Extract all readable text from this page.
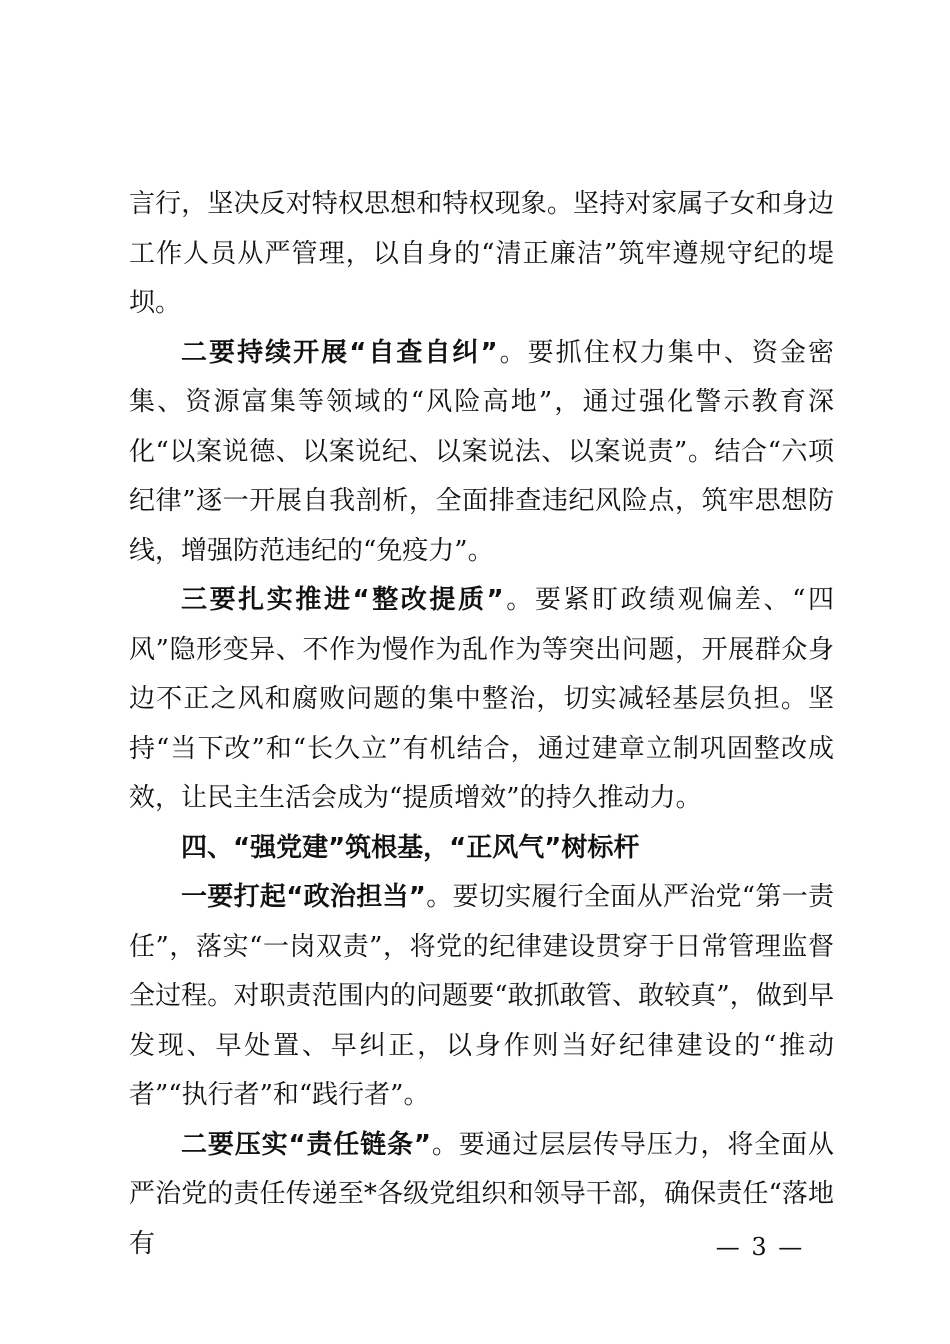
言行，坚决反对特权思想和特权现象。坚持对家属子女和身边工作人员从严管理，以自身的“清正廉洁”筑牢遵规守纪的堤坝。

二要持续开展“自查自纠”。要抓住权力集中、资金密集、资源富集等领域的“风险高地”，通过强化警示教育深化“以案说德、以案说纪、以案说法、以案说责”。结合“六项纪律”逐一开展自我剖析，全面排查违纪风险点，筑牢思想防线，增强防范违纪的“免疫力”。

三要扎实推进“整改提质”。要紧盯政绩观偏差、“四风”隐形变异、不作为慢作为乱作为等突出问题，开展群众身边不正之风和腐败问题的集中整治，切实减轻基层负担。坚持“当下改”和“长久立”有机结合，通过建章立制巩固整改成效，让民主生活会成为“提质增效”的持久推动力。

四、“强党建”筑根基，“正风气”树标杆

一要打起“政治担当”。要切实履行全面从严治党“第一责任”，落实“一岗双责”，将党的纪律建设贯穿于日常管理监督全过程。对职责范围内的问题要“敢抓敢管、敢较真”，做到早发现、早处置、早纠正，以身作则当好纪律建设的“推动者”“执行者”和“践行者”。

二要压实“责任链条”。要通过层层传导压力，将全面从严治党的责任传递至*各级党组织和领导干部，确保责任“落地有	— 3 —
